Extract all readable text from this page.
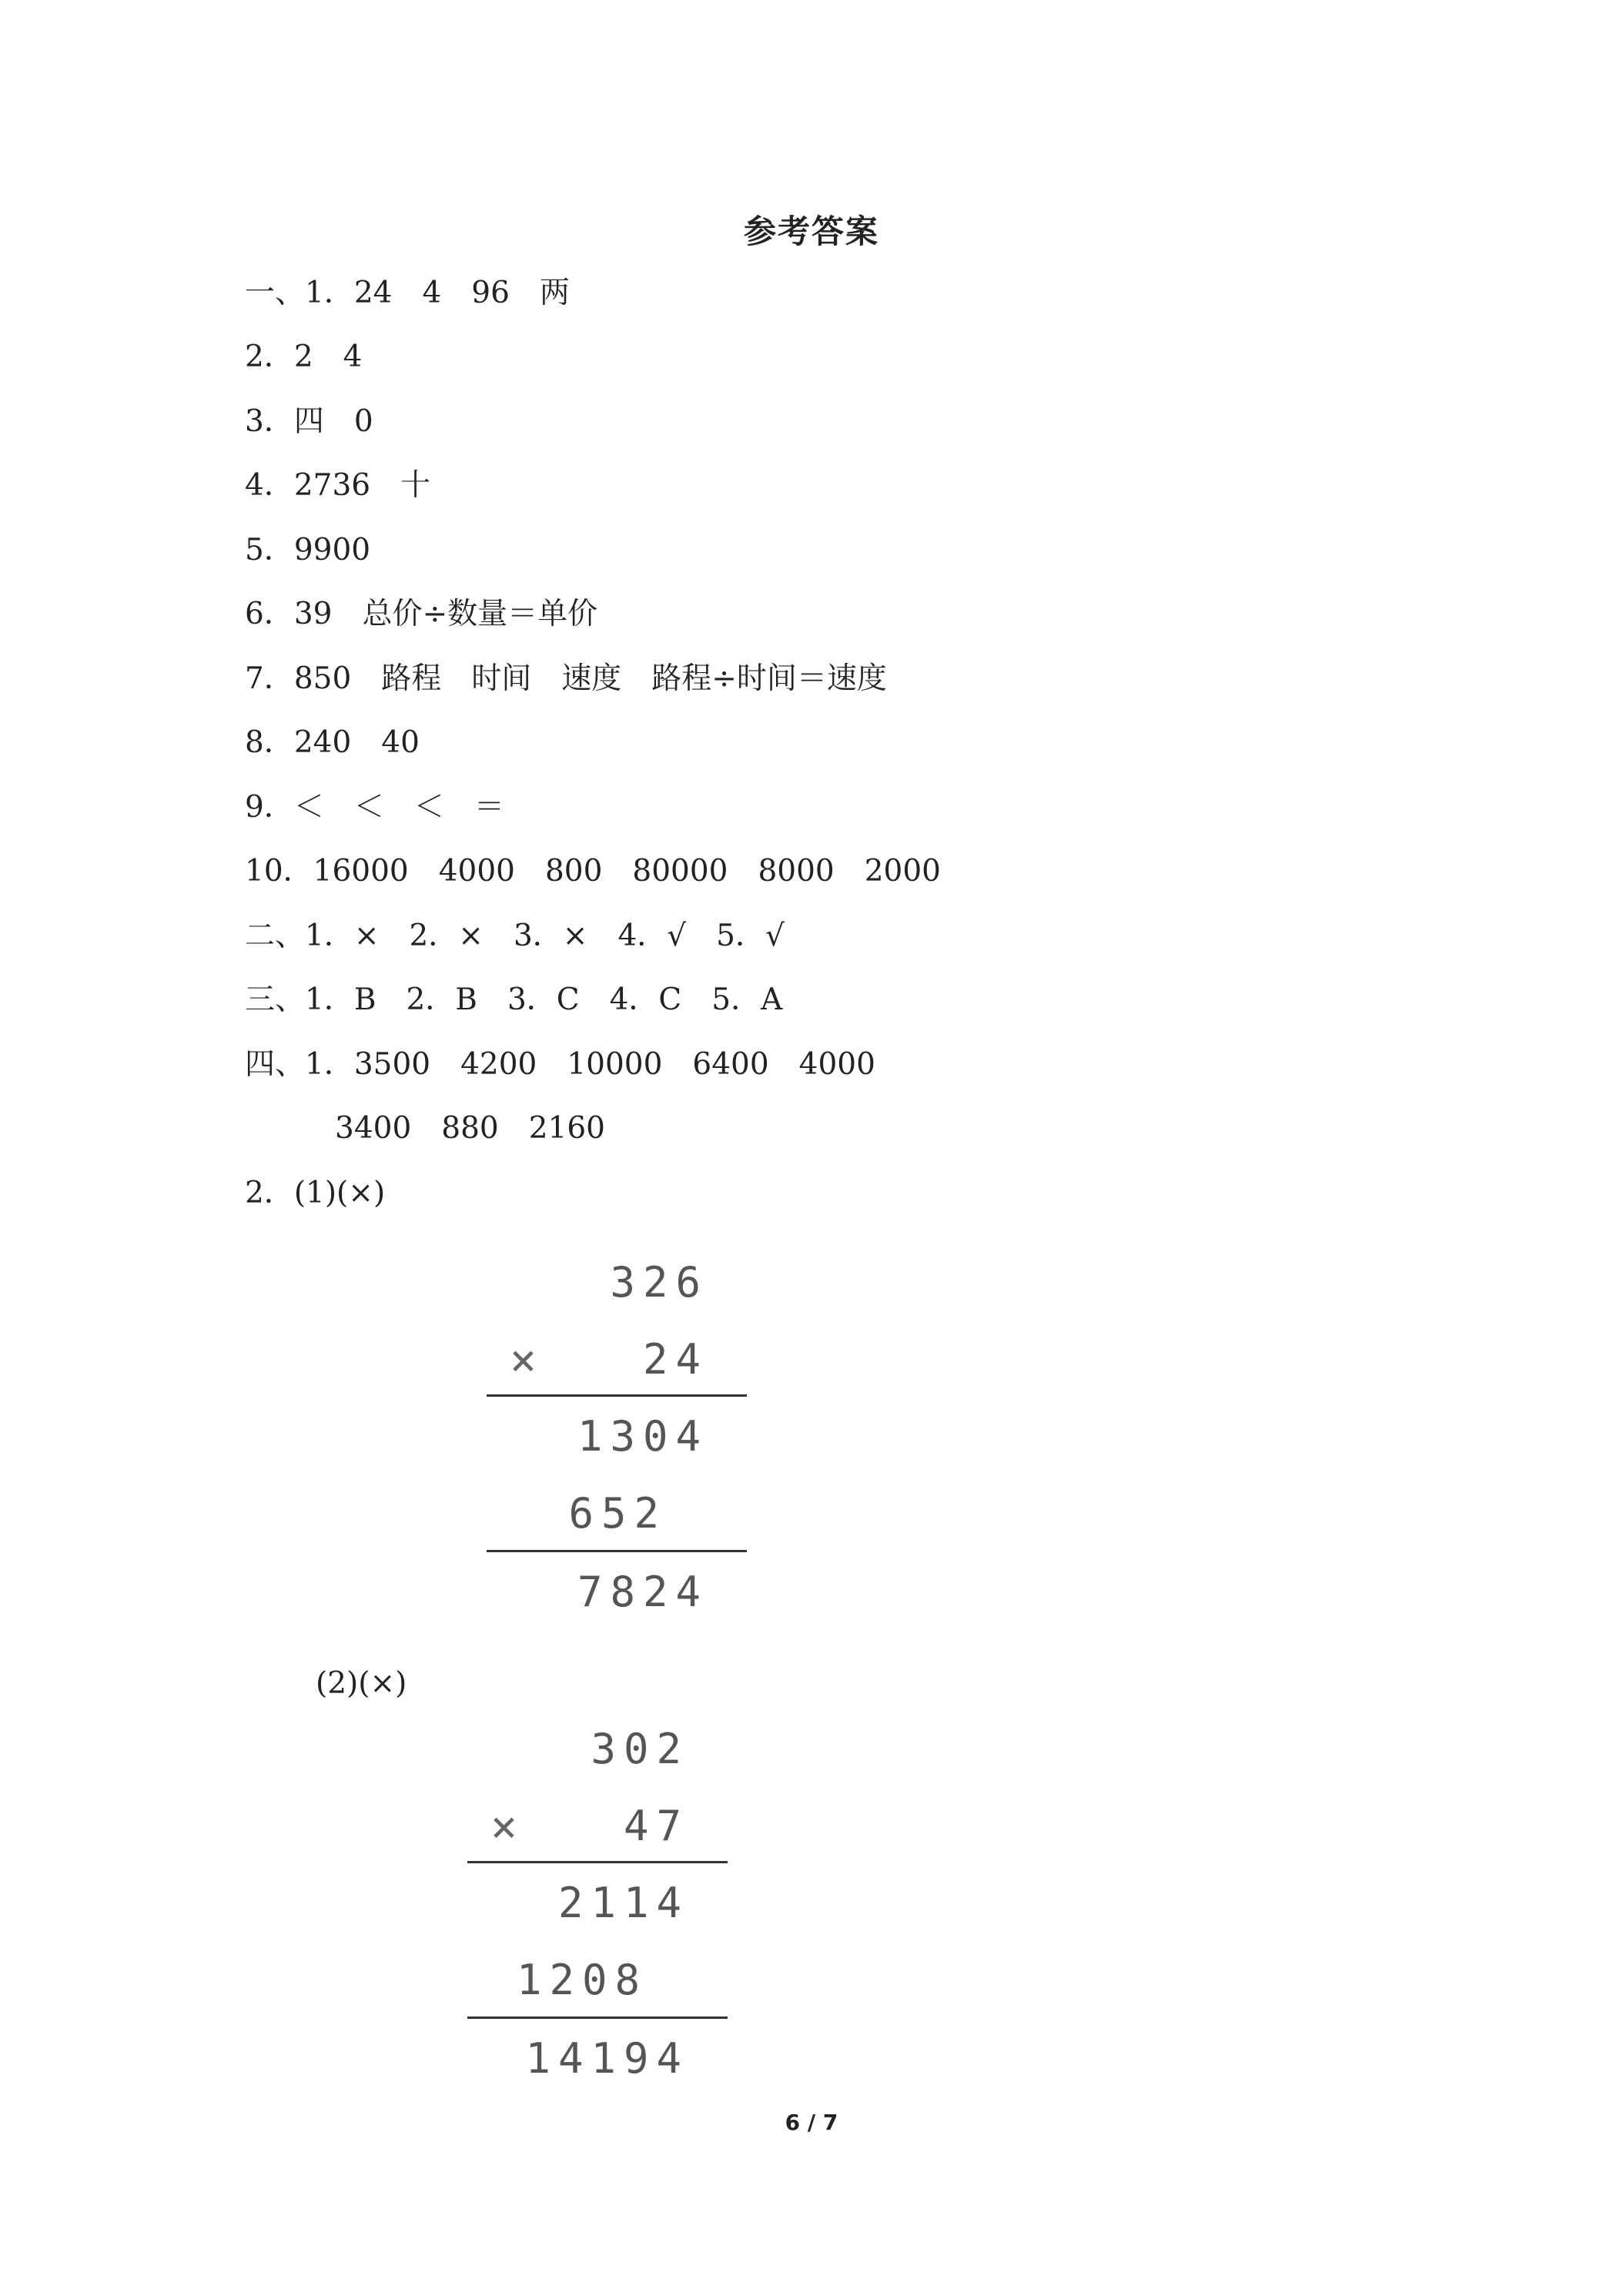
参考答案
一、1．24　4　96　两
2．2　4
3．四　0
4．2736　十
5．9900
6．39　总价÷数量＝单价
7．850　路程　时间　速度　路程÷时间＝速度
8．240　40
9．＜　＜　＜　＝
10．16000　4000　800　80000　8000　2000
二、1．×　2．×　3．×　4．√　5．√
三、1．B　2．B　3．C　4．C　5．A
四、1．3500　4200　10000　6400　4000
　　　3400　880　2160
2．(1)(×)
326
×	24
1304
652
7824
(2)(×)
302
×	47
2114
1208
14194
6 / 7
